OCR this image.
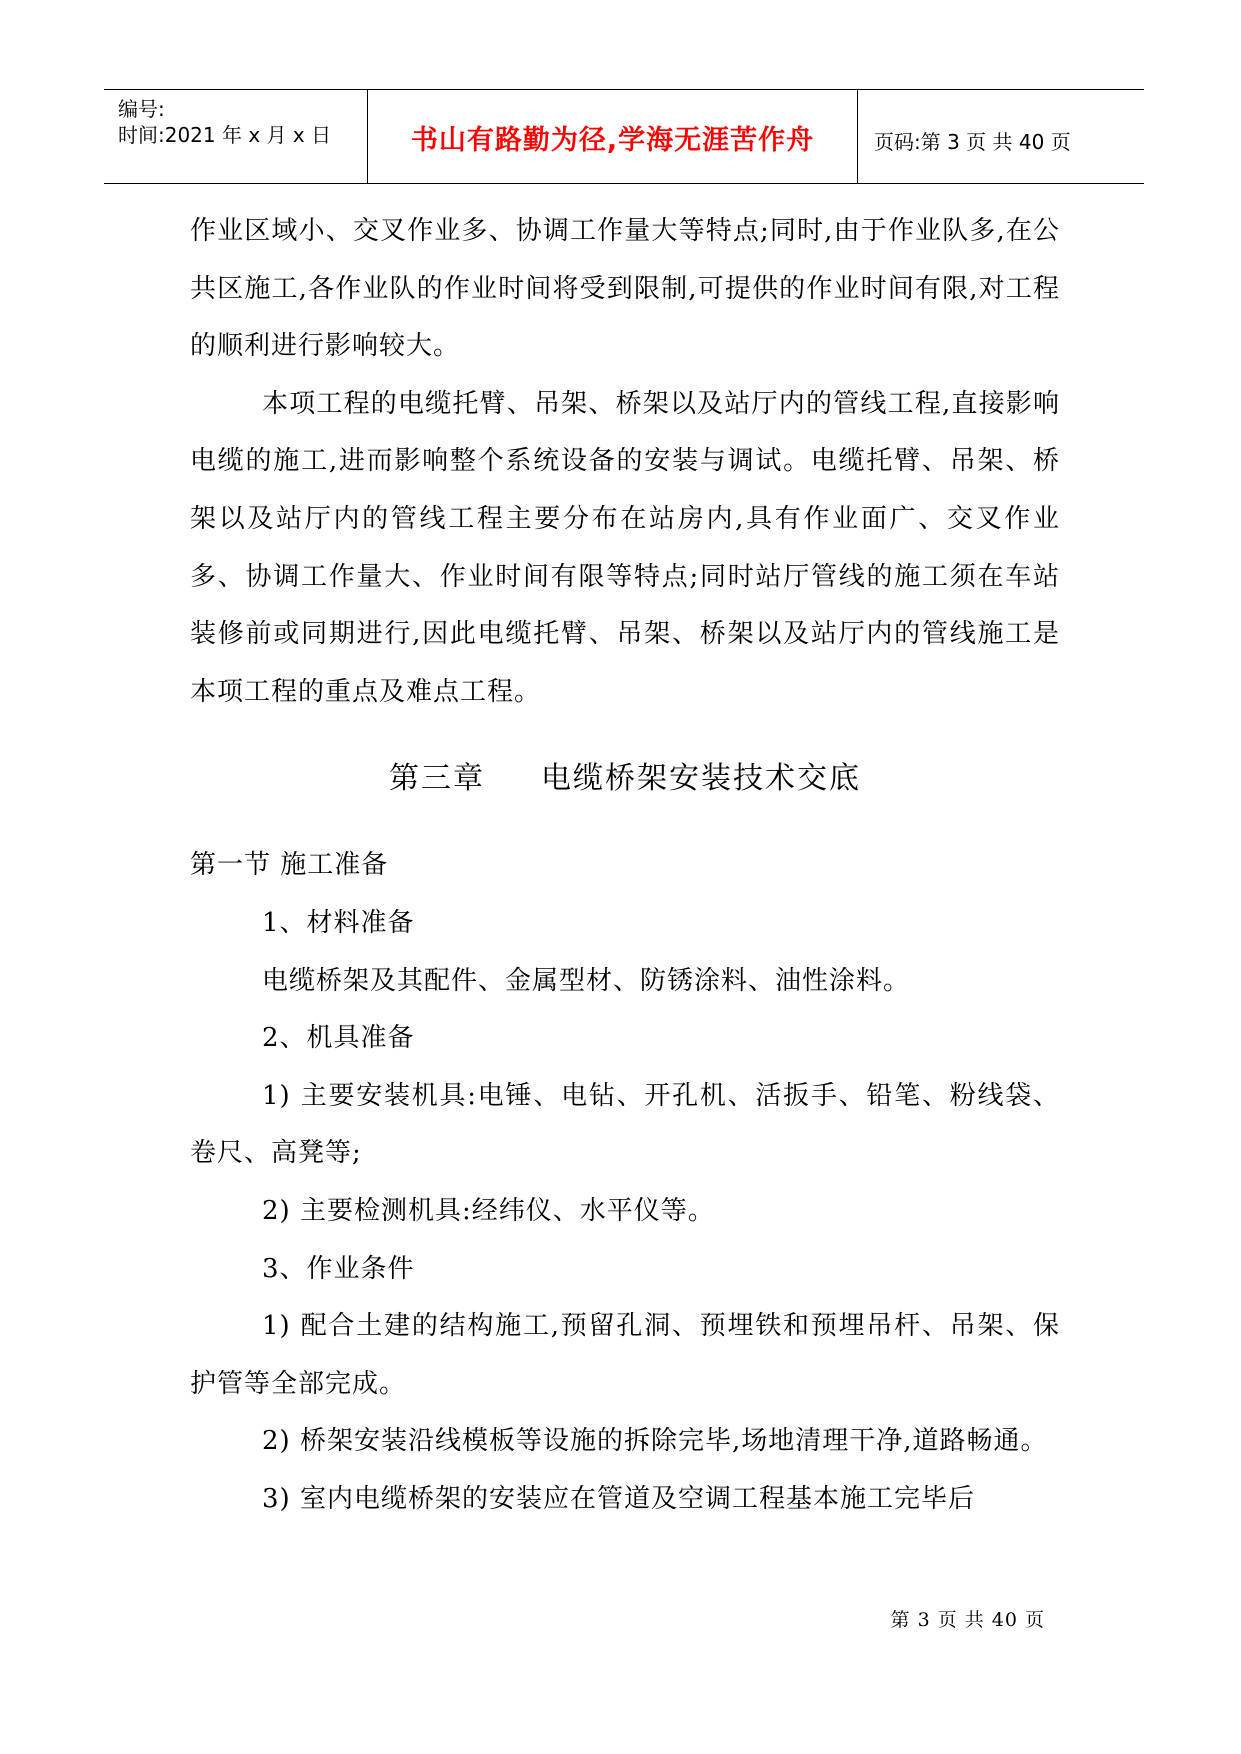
编号:
时间:2021 年 x 月 x 日	书山有路勤为径,学海无涯苦作舟	页码:第 3 页 共 40 页

作业区域小、交叉作业多、协调工作量大等特点;同时,由于作业队多,在公共区施工,各作业队的作业时间将受到限制,可提供的作业时间有限,对工程的顺利进行影响较大。

本项工程的电缆托臂、吊架、桥架以及站厅内的管线工程,直接影响电缆的施工,进而影响整个系统设备的安装与调试。电缆托臂、吊架、桥架以及站厅内的管线工程主要分布在站房内,具有作业面广、交叉作业多、协调工作量大、作业时间有限等特点;同时站厅管线的施工须在车站装修前或同期进行,因此电缆托臂、吊架、桥架以及站厅内的管线施工是本项工程的重点及难点工程。

第三章 电缆桥架安装技术交底

第一节 施工准备

1、材料准备

电缆桥架及其配件、金属型材、防锈涂料、油性涂料。

2、机具准备

1) 主要安装机具:电锤、电钻、开孔机、活扳手、铅笔、粉线袋、卷尺、高凳等;

2) 主要检测机具:经纬仪、水平仪等。

3、作业条件

1) 配合土建的结构施工,预留孔洞、预埋铁和预埋吊杆、吊架、保护管等全部完成。

2) 桥架安装沿线模板等设施的拆除完毕,场地清理干净,道路畅通。

3) 室内电缆桥架的安装应在管道及空调工程基本施工完毕后

第 3 页 共 40 页
